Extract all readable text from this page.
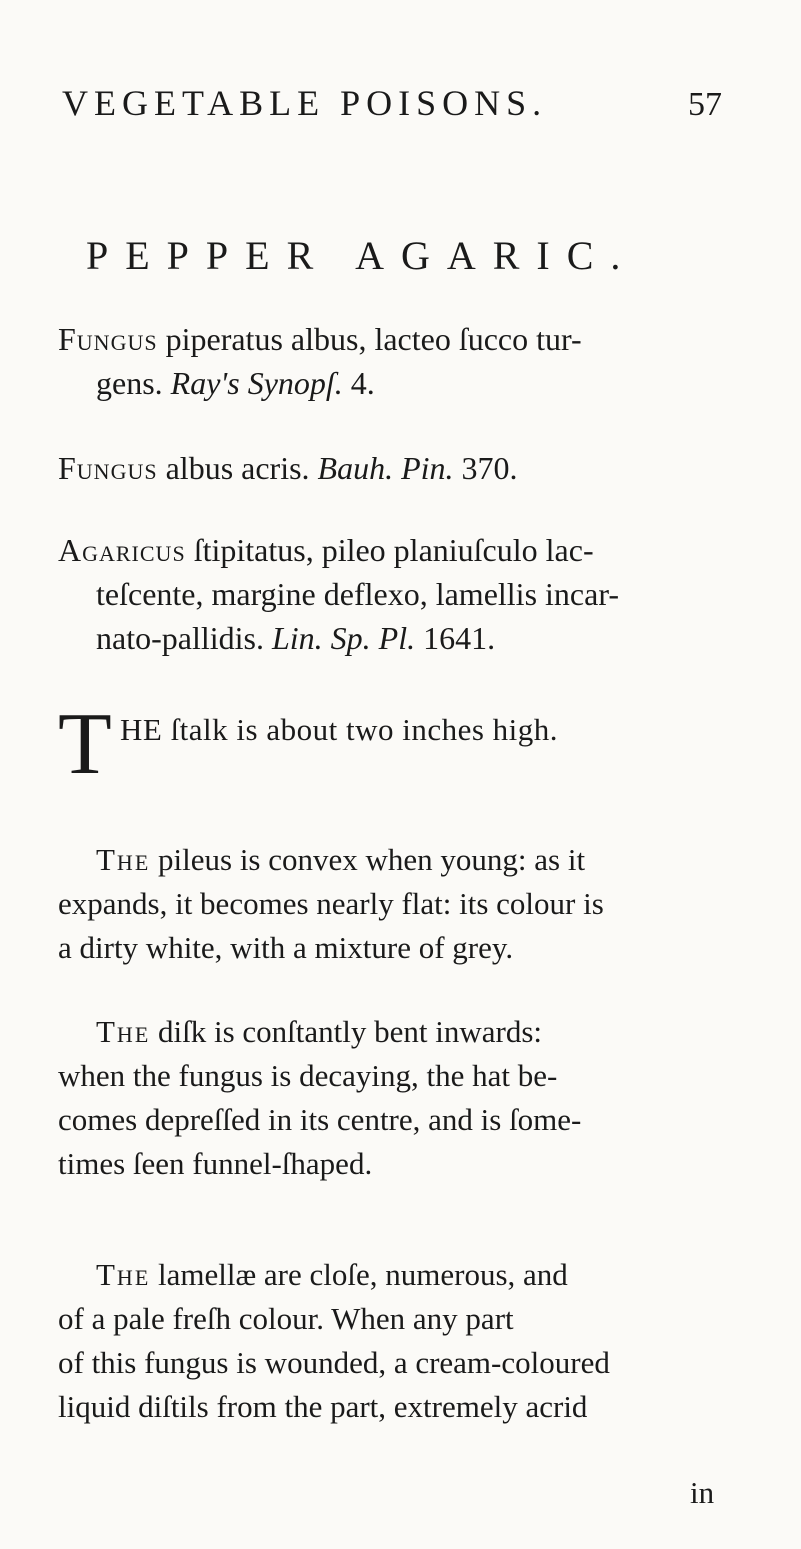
VEGETABLE POISONS.	57
PEPPER AGARIC.
Fungus piperatus albus, lacteo ſucco tur-
gens. Ray's Synopſ. 4.
Fungus albus acris. Bauh. Pin. 370.
Agaricus ſtipitatus, pileo planiuſculo lac-
teſcente, margine deflexo, lamellis incar-
nato-pallidis. Lin. Sp. Pl. 1641.
T HE ſtalk is about two inches high.
The pileus is convex when young: as it
expands, it becomes nearly flat: its colour is
a dirty white, with a mixture of grey.
The diſk is conſtantly bent inwards:
when the fungus is decaying, the hat be-
comes depreſſed in its centre, and is ſome-
times ſeen funnel-ſhaped.
The lamellæ are cloſe, numerous, and
of a pale freſh colour. When any part
of this fungus is wounded, a cream-coloured
liquid diſtils from the part, extremely acrid
in
